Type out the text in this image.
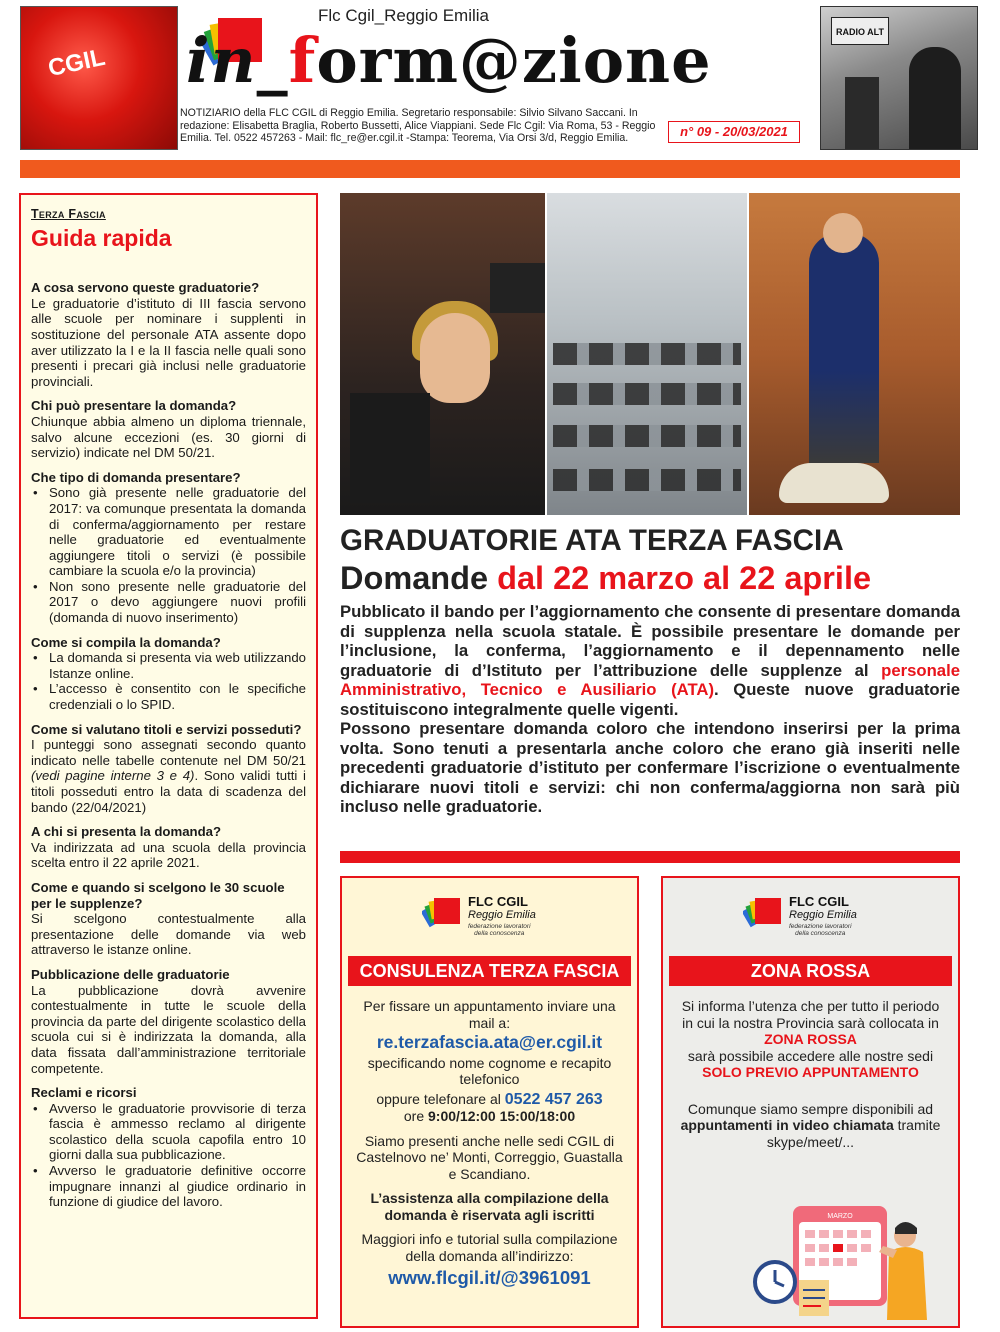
CGIL
Flc Cgil_Reggio Emilia
in_form@zione
NOTIZIARIO della FLC CGIL di Reggio Emilia. Segretario responsabile: Silvio Silvano Saccani. In redazione: Elisabetta Braglia, Roberto Bussetti, Alice Viappiani. Sede Flc Cgil: Via Roma, 53 - Reggio Emilia. Tel. 0522 457263 - Mail: flc_re@er.cgil.it -Stampa: Teorema, Via Orsi 3/d, Reggio Emilia.	n° 09 - 20/03/2021
RADIO ALT
Terza Fascia
Guida rapida
A cosa servono queste graduatorie?

Le graduatorie d’istituto di III fascia servono alle scuole per nominare i supplenti in sostituzione del personale ATA assente dopo aver utilizzato la I e la II fascia nelle quali sono presenti i precari già inclusi nelle graduatorie provinciali.

Chi può presentare la domanda?

Chiunque abbia almeno un diploma triennale, salvo alcune eccezioni (es. 30 giorni di servizio) indicate nel DM 50/21.

Che tipo di domanda presentare?
• Sono già presente nelle graduatorie del 2017: va comunque presentata la domanda di conferma/aggiornamento per restare nelle graduatorie ed eventualmente aggiungere titoli o servizi (è possibile cambiare la scuola e/o la provincia)
• Non sono presente nelle graduatorie del 2017 o devo aggiungere nuovi profili (domanda di nuovo inserimento)
Come si compila la domanda?
• La domanda si presenta via web utilizzando Istanze online.
• L’accesso è consentito con le specifiche credenziali o lo SPID.
Come si valutano titoli e servizi posseduti?

I punteggi sono assegnati secondo quanto indicato nelle tabelle contenute nel DM 50/21 (vedi pagine interne 3 e 4). Sono validi tutti i titoli posseduti entro la data di scadenza del bando (22/04/2021)

A chi si presenta la domanda?

Va indirizzata ad una scuola della provincia scelta entro il 22 aprile 2021.

Come e quando si scelgono le 30 scuole per le supplenze?

Si scelgono contestualmente alla presentazione delle domande via web attraverso le istanze online.

Pubblicazione delle graduatorie

La pubblicazione dovrà avvenire contestualmente in tutte le scuole della provincia da parte del dirigente scolastico della scuola cui si è indirizzata la domanda, alla data fissata dall’amministrazione territoriale competente.

Reclami e ricorsi
• Avverso le graduatorie provvisorie di terza fascia è ammesso reclamo al dirigente scolastico della scuola capofila entro 10 giorni dalla sua pubblicazione.
• Avverso le graduatorie definitive occorre impugnare innanzi al giudice ordinario in funzione di giudice del lavoro.
GRADUATORIE ATA TERZA FASCIA
Domande dal 22 marzo al 22 aprile
Pubblicato il bando per l’aggiornamento che consente di presentare domanda di supplenza nella scuola statale. È possibile presentare le domande per l’inclusione, la conferma, l’aggiornamento e il depennamento nelle graduatorie di d’Istituto per l’attribuzione delle supplenze al personale Amministrativo, Tecnico e Ausiliario (ATA). Queste nuove graduatorie sostituiscono integralmente quelle vigenti.
Possono presentare domanda coloro che intendono inserirsi per la prima volta. Sono tenuti a presentarla anche coloro che erano già inseriti nelle precedenti graduatorie d’istituto per confermare l’iscrizione o eventualmente dichiarare nuovi titoli e servizi: chi non conferma/aggiorna non sarà più incluso nelle graduatorie.
FLC CGIL
Reggio Emilia
federazione lavoratori
della conoscenza
CONSULENZA TERZA FASCIA
Per fissare un appuntamento inviare una mail a:
re.terzafascia.ata@er.cgil.it
specificando nome cognome e recapito telefonico
oppure telefonare al 0522 457 263
ore 9:00/12:00 15:00/18:00
Siamo presenti anche nelle sedi CGIL di Castelnovo ne’ Monti, Correggio, Guastalla e Scandiano.
L’assistenza alla compilazione della domanda è riservata agli iscritti
Maggiori info e tutorial sulla compilazione della domanda all’indirizzo:
www.flcgil.it/@3961091
FLC CGIL
Reggio Emilia
federazione lavoratori
della conoscenza
ZONA ROSSA
Si informa l’utenza che per tutto il periodo in cui la nostra Provincia sarà collocata in
ZONA ROSSA
sarà possibile accedere alle nostre sedi
SOLO PREVIO APPUNTAMENTO
Comunque siamo sempre disponibili ad appuntamenti in video chiamata tramite skype/meet/...
MARZO
